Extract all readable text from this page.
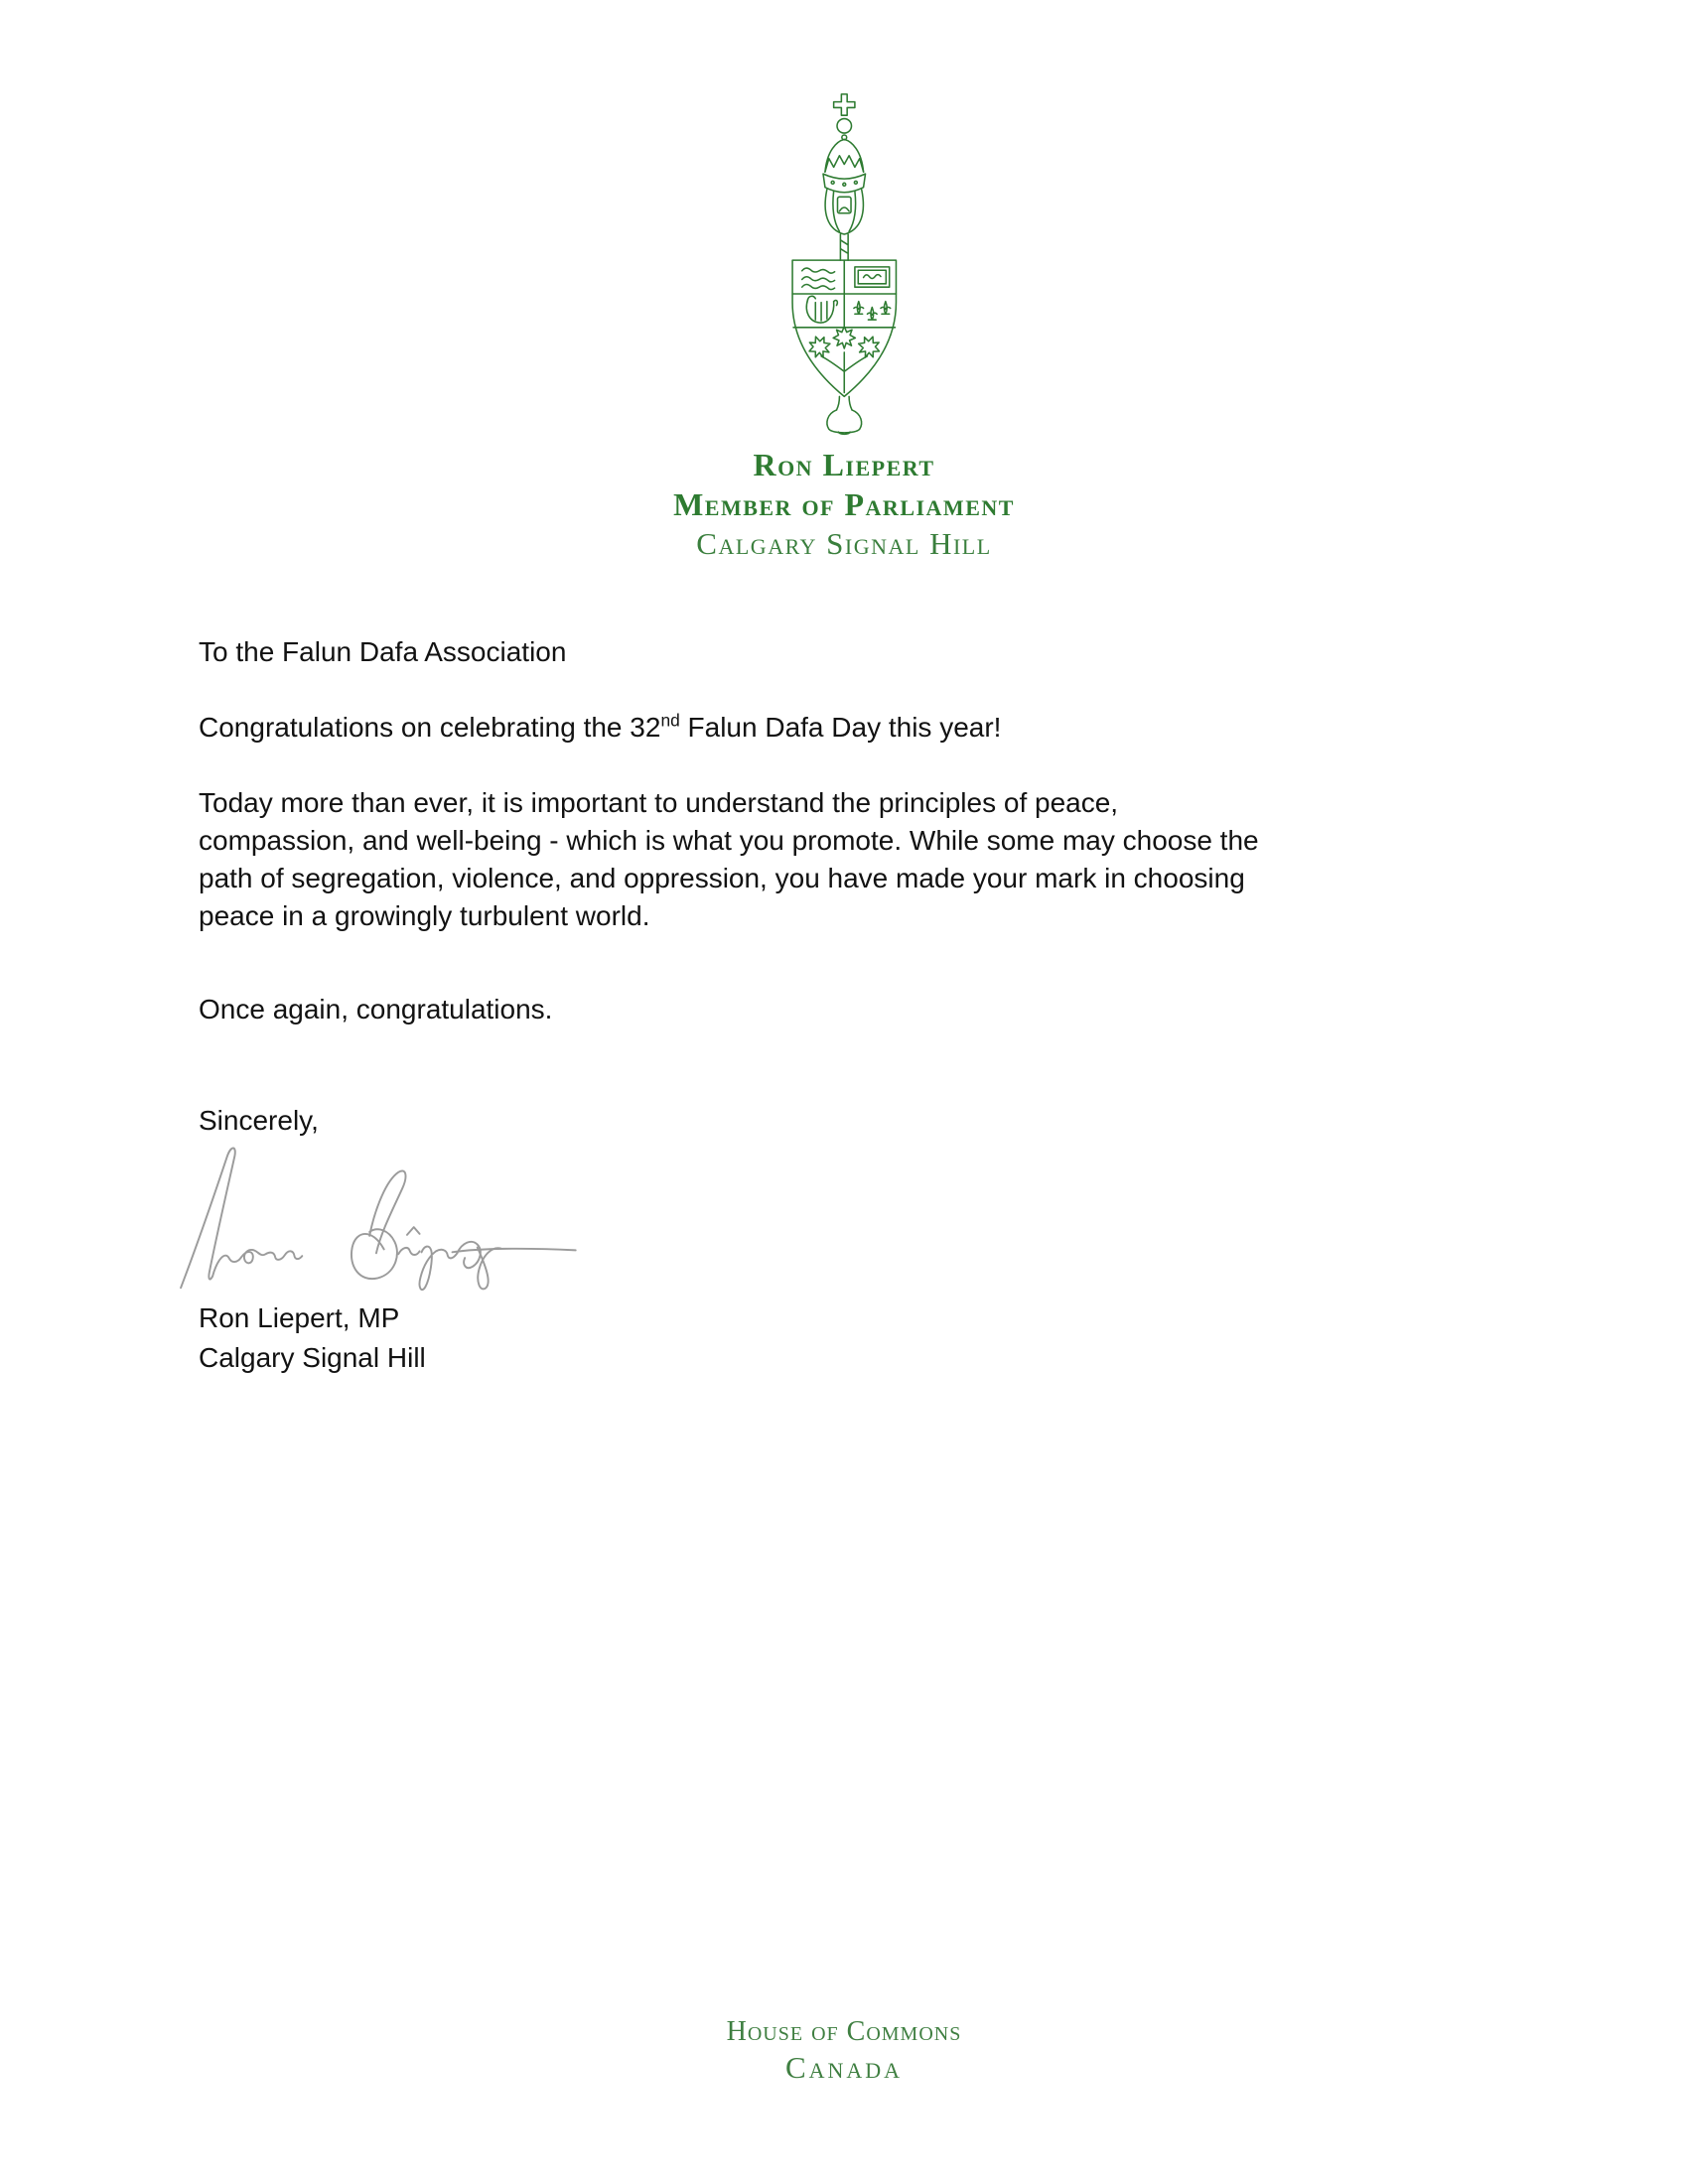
Ron Liepert
Member of Parliament
Calgary Signal Hill

To the Falun Dafa Association

Congratulations on celebrating the 32nd Falun Dafa Day this year!

Today more than ever, it is important to understand the principles of peace,
compassion, and well-being - which is what you promote. While some may choose the
path of segregation, violence, and oppression, you have made your mark in choosing
peace in a growingly turbulent world.

Once again, congratulations.

Sincerely,

Ron Liepert, MP
Calgary Signal Hill
House of Commons
Canada
